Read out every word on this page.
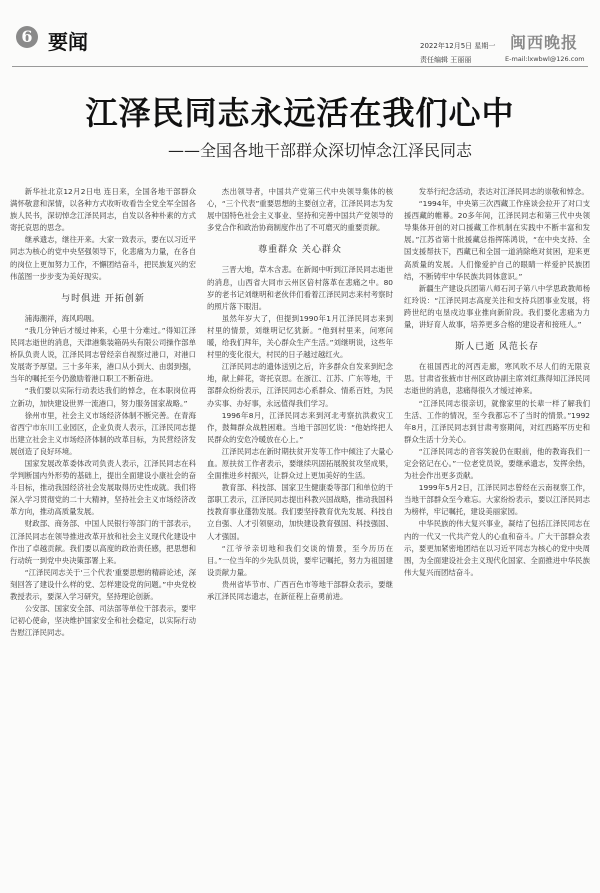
6 要闻	2022年12月5日 星期一
责任编辑 王丽丽
闽西晚报
E-mail:lxwbwl@126.com
江泽民同志永远活在我们心中
——全国各地干部群众深切悼念江泽民同志

新华社北京12月2日电 连日来，全国各地干部群众满怀敬意和深情，以各种方式收听收看告全党全军全国各族人民书，深切悼念江泽民同志，自发以各种朴素的方式寄托哀思的思念。

继承遗志，继往开来。大家一致表示，要在以习近平同志为核心的党中央坚强领导下，化悲痛为力量，在各自的岗位上更加努力工作，不懈团结奋斗，把民族复兴的宏伟蓝图一步步变为美好现实。

与时俱进 开拓创新

浦海潮祥，海风呜咽。

“我几分钟后才缓过神来，心里十分难过。”得知江泽民同志逝世的消息，天津港集装箱码头有限公司操作部单桥队负责人说，江泽民同志曾经亲自视察过港口，对港口发展寄予厚望。三十多年来，港口从小到大、由弱到强，当年的嘱托至今仍激励着港口职工不断奋进。

“我们要以实际行动表达我们的悼念，在本职岗位再立新功，加快建设世界一流港口，努力服务国家战略。”

徐州市里，社会主义市场经济体制不断完善。在青海省西宁市东川工业园区，企业负责人表示，江泽民同志提出建立社会主义市场经济体制的改革目标，为民营经济发展创造了良好环境。

国家发展改革委体改司负责人表示，江泽民同志在科学判断国内外形势的基础上，提出全面建设小康社会的奋斗目标，推动我国经济社会发展取得历史性成就。我们将深入学习贯彻党的二十大精神，坚持社会主义市场经济改革方向，推动高质量发展。

财政部、商务部、中国人民银行等部门的干部表示，江泽民同志在领导推进改革开放和社会主义现代化建设中作出了卓越贡献。我们要以高度的政治责任感，把思想和行动统一到党中央决策部署上来。

“江泽民同志关于‘三个代表’重要思想的精辟论述，深刻回答了建设什么样的党、怎样建设党的问题。”中央党校教授表示，要深入学习研究，坚持理论创新。

公安部、国家安全部、司法部等单位干部表示，要牢记初心使命，坚决维护国家安全和社会稳定，以实际行动告慰江泽民同志。

杰出领导者，中国共产党第三代中央领导集体的核心，“三个代表”重要思想的主要创立者，江泽民同志为发展中国特色社会主义事业、坚持和完善中国共产党领导的多党合作和政治协商制度作出了不可磨灭的重要贡献。

尊重群众 关心群众

三晋大地，草木含悲。在新闻中听到江泽民同志逝世的消息，山西省大同市云州区倍村落革在悲痛之中。80岁的老书记刘继明和老伙伴们看着江泽民同志来村考察时的照片落下眼泪。

虽然年岁大了，但提到1990年1月江泽民同志来到村里的情景，刘继明记忆犹新。“他到村里来，问寒问暖，给我们拜年，关心群众生产生活。”刘继明说，这些年村里的变化很大，村民的日子越过越红火。

江泽民同志的遗体送别之后，许多群众自发来到纪念地，献上鲜花，寄托哀思。在浙江、江苏、广东等地，干部群众纷纷表示，江泽民同志心系群众、情系百姓，为民办实事、办好事，永远值得我们学习。

1996年8月，江泽民同志来到河北考察抗洪救灾工作，鼓舞群众战胜困难。当地干部回忆说：“他始终把人民群众的安危冷暖放在心上。”

江泽民同志在新时期扶贫开发等工作中倾注了大量心血。原扶贫工作者表示，要继续巩固拓展脱贫攻坚成果，全面推进乡村振兴，让群众过上更加美好的生活。

教育部、科技部、国家卫生健康委等部门和单位的干部职工表示，江泽民同志提出科教兴国战略，推动我国科技教育事业蓬勃发展。我们要坚持教育优先发展、科技自立自强、人才引领驱动，加快建设教育强国、科技强国、人才强国。

“江爷爷亲切地和我们交谈的情景，至今历历在目。”一位当年的少先队员说，要牢记嘱托，努力为祖国建设贡献力量。

贵州省毕节市、广西百色市等地干部群众表示，要继承江泽民同志遗志，在新征程上奋勇前进。

发举行纪念活动，表达对江泽民同志的崇敬和悼念。

“1994年，中央第三次西藏工作座谈会拉开了对口支援西藏的帷幕。20多年间，江泽民同志和第三代中央领导集体开创的对口援藏工作机制在实践中不断丰富和发展。”江苏省第十批援藏总指挥陈鸿说，“在中央支持、全国支援帮扶下，西藏已和全国一道消除绝对贫困，迎来更高质量的发展。人们像爱护自己的眼睛一样爱护民族团结，不断铸牢中华民族共同体意识。”

新疆生产建设兵团第八师石河子第八中学思政教师杨红玲说：“江泽民同志高度关注和支持兵团事业发展，将跨世纪的屯垦戍边事业推向新阶段。我们要化悲痛为力量，讲好育人故事，培养更多合格的建设者和接班人。”

斯人已逝 风范长存

在祖国西北的河西走廊，寒风吹不尽人们的无限哀思。甘肃省张掖市甘州区政协副主席刘红燕得知江泽民同志逝世的消息，悲痛得很久才缓过神来。

“江泽民同志很亲切，就像家里的长辈一样了解我们生活、工作的情况，至今我都忘不了当时的情景。”1992年8月，江泽民同志到甘肃考察期间，对红西路军历史和群众生活十分关心。

“江泽民同志的音容笑貌仍在眼前，他的教诲我们一定会铭记在心。”一位老党员说，要继承遗志，发挥余热，为社会作出更多贡献。

1999年5月2日，江泽民同志曾经在云南视察工作，当地干部群众至今难忘。大家纷纷表示，要以江泽民同志为榜样，牢记嘱托，建设美丽家园。

中华民族的伟大复兴事业，凝结了包括江泽民同志在内的一代又一代共产党人的心血和奋斗。广大干部群众表示，要更加紧密地团结在以习近平同志为核心的党中央周围，为全面建设社会主义现代化国家、全面推进中华民族伟大复兴而团结奋斗。
